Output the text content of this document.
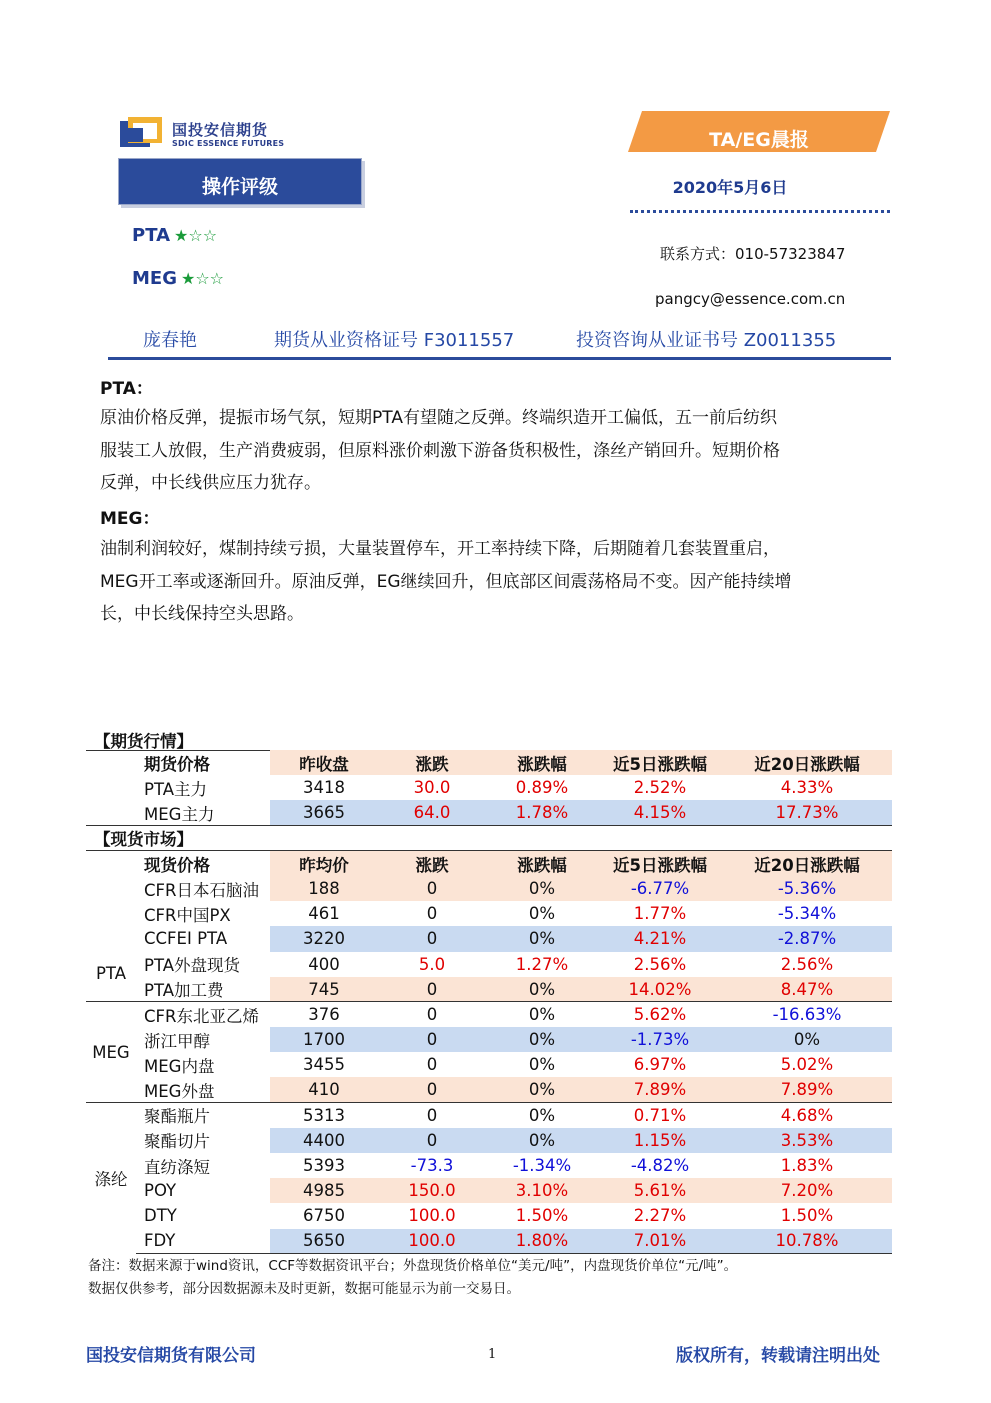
国投安信期货
SDIC ESSENCE FUTURES
操作评级
TA/EG晨报
2020年5月6日
PTA ★☆☆
MEG ★☆☆
联系方式：010-57323847
pangcy@essence.com.cn
庞春艳	期货从业资格证号 F3011557	投资咨询从业证书号 Z0011355
PTA：
原油价格反弹，提振市场气氛，短期PTA有望随之反弹。终端织造开工偏低，五一前后纺织
服装工人放假，生产消费疲弱，但原料涨价刺激下游备货积极性，涤丝产销回升。短期价格
反弹，中长线供应压力犹存。
MEG：
油制利润较好，煤制持续亏损，大量装置停车，开工率持续下降，后期随着几套装置重启，
MEG开工率或逐渐回升。原油反弹，EG继续回升，但底部区间震荡格局不变。因产能持续增
长，中长线保持空头思路。
【期货行情】
	期货价格	昨收盘	涨跌	涨跌幅	近5日涨跌幅	近20日涨跌幅
	PTA主力	3418	30.0	0.89%	2.52%	4.33%
	MEG主力	3665	64.0	1.78%	4.15%	17.73%
【现货市场】						
	现货价格	昨均价	涨跌	涨跌幅	近5日涨跌幅	近20日涨跌幅
PTA	CFR日本石脑油	188	0	0%	-6.77%	-5.36%
	CFR中国PX	461	0	0%	1.77%	-5.34%
	CCFEI PTA	3220	0	0%	4.21%	-2.87%
	PTA外盘现货	400	5.0	1.27%	2.56%	2.56%
	PTA加工费	745	0	0%	14.02%	8.47%
MEG	CFR东北亚乙烯	376	0	0%	5.62%	-16.63%
	浙江甲醇	1700	0	0%	-1.73%	0%
	MEG内盘	3455	0	0%	6.97%	5.02%
	MEG外盘	410	0	0%	7.89%	7.89%
涤纶	聚酯瓶片	5313	0	0%	0.71%	4.68%
	聚酯切片	4400	0	0%	1.15%	3.53%
	直纺涤短	5393	-73.3	-1.34%	-4.82%	1.83%
	POY	4985	150.0	3.10%	5.61%	7.20%
	DTY	6750	100.0	1.50%	2.27%	1.50%
	FDY	5650	100.0	1.80%	7.01%	10.78%
备注：数据来源于wind资讯，CCF等数据资讯平台；外盘现货价格单位“美元/吨”，内盘现货价单位“元/吨”。
数据仅供参考，部分因数据源未及时更新，数据可能显示为前一交易日。
国投安信期货有限公司	1	版权所有，转载请注明出处
